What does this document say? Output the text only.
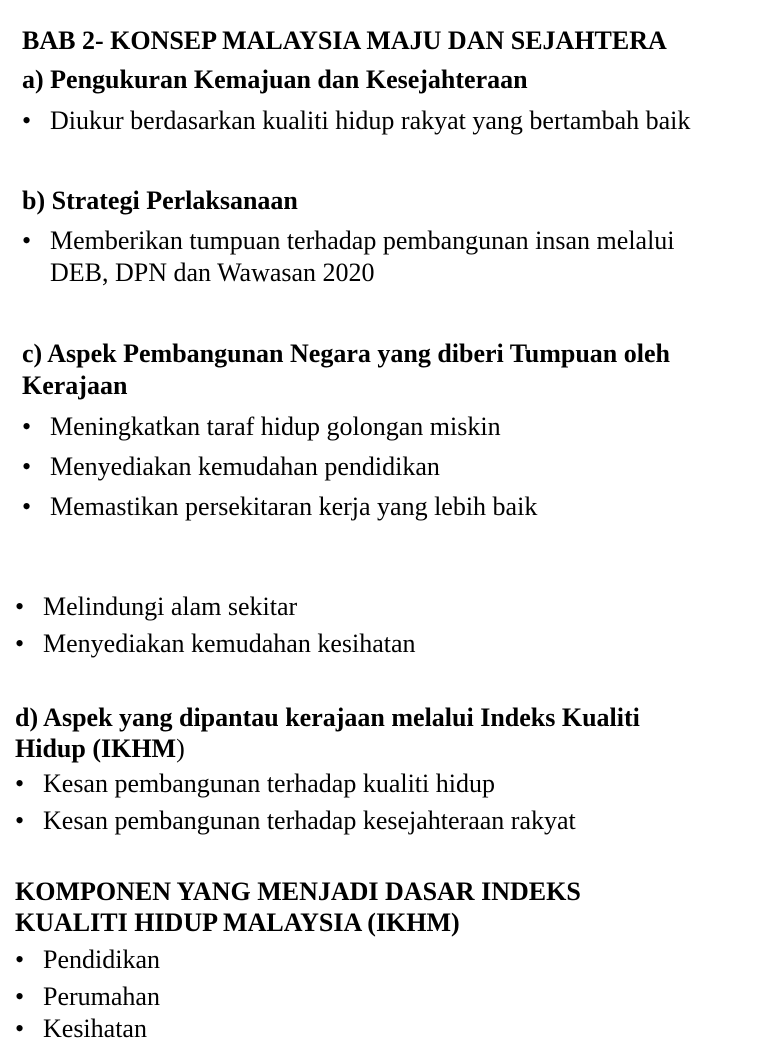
BAB 2- KONSEP MALAYSIA MAJU DAN SEJAHTERA
a) Pengukuran Kemajuan dan Kesejahteraan
• Diukur berdasarkan kualiti hidup rakyat yang bertambah baik
b) Strategi Perlaksanaan
• Memberikan tumpuan terhadap pembangunan insan melalui
DEB, DPN dan Wawasan 2020
c) Aspek Pembangunan Negara yang diberi Tumpuan oleh
Kerajaan
• Meningkatkan taraf hidup golongan miskin
• Menyediakan kemudahan pendidikan
• Memastikan persekitaran kerja yang lebih baik
• Melindungi alam sekitar
• Menyediakan kemudahan kesihatan
d) Aspek yang dipantau kerajaan melalui Indeks Kualiti
Hidup (IKHM)
• Kesan pembangunan terhadap kualiti hidup
• Kesan pembangunan terhadap kesejahteraan rakyat
KOMPONEN YANG MENJADI DASAR INDEKS
KUALITI HIDUP MALAYSIA (IKHM)
• Pendidikan
• Perumahan
• Kesihatan
